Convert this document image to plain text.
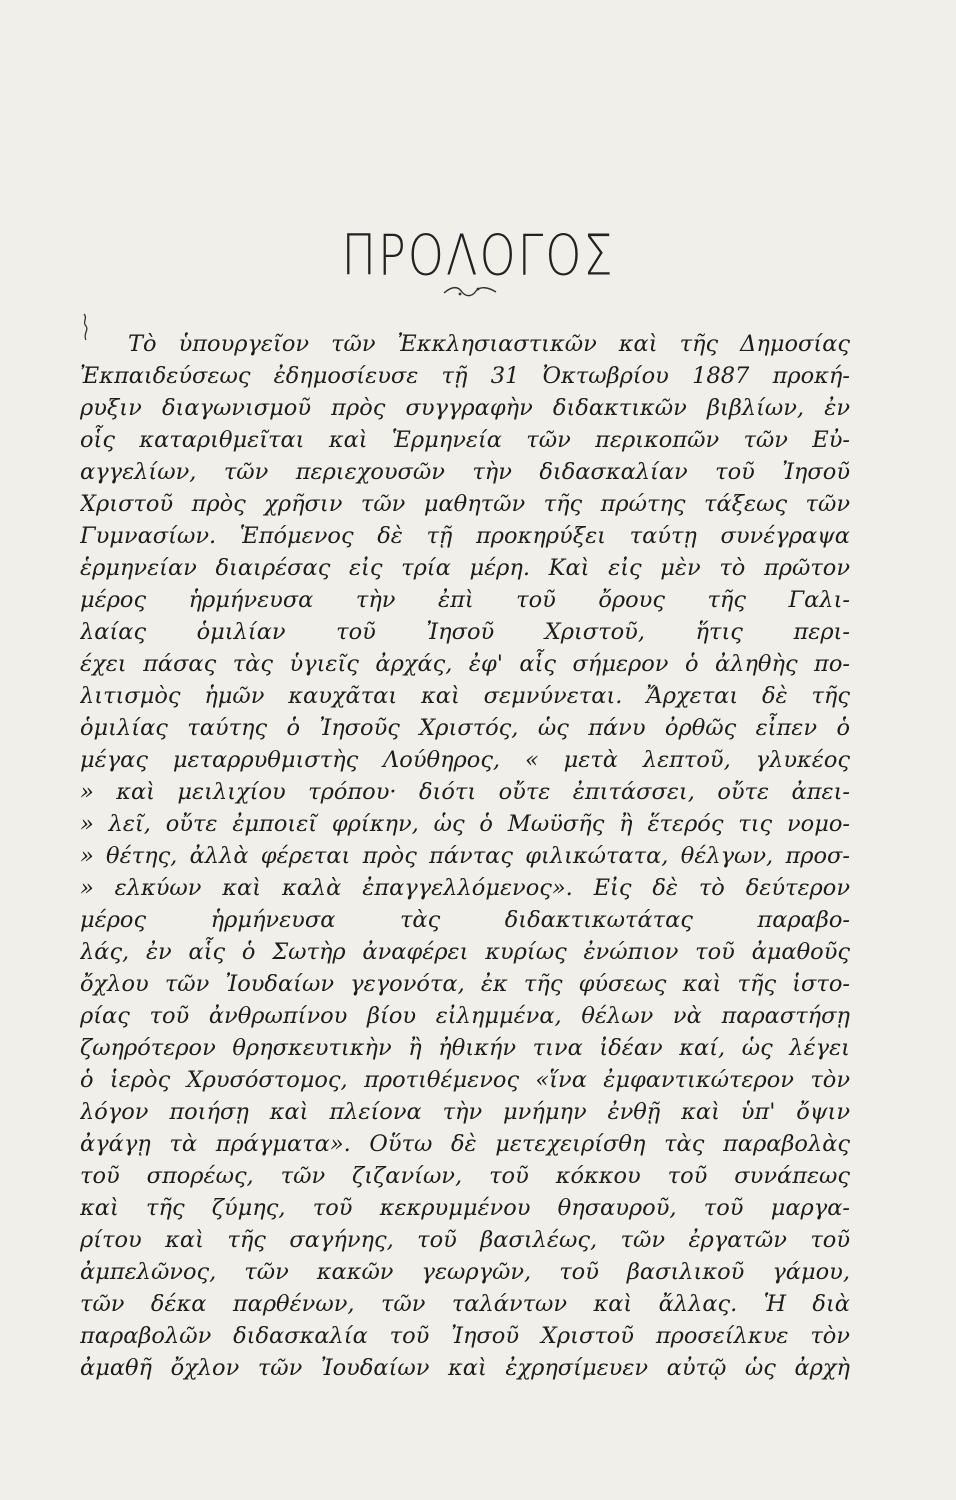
ΠΡΟΛΟΓΟΣ
Τὸ ὑπουργεῖον τῶν Ἐκκλησιαστικῶν καὶ τῆς Δημοσίας
Ἐκπαιδεύσεως ἐδημοσίευσε τῇ 31 Ὀκτωβρίου 1887 προκή-
ρυξιν διαγωνισμοῦ πρὸς συγγραφὴν διδακτικῶν βιβλίων, ἐν
οἷς καταριθμεῖται καὶ Ἑρμηνεία τῶν περικοπῶν τῶν Εὐ-
αγγελίων, τῶν περιεχουσῶν τὴν διδασκαλίαν τοῦ Ἰησοῦ
Χριστοῦ πρὸς χρῆσιν τῶν μαθητῶν τῆς πρώτης τάξεως τῶν
Γυμνασίων. Ἑπόμενος δὲ τῇ προκηρύξει ταύτῃ συνέγραψα
ἑρμηνείαν διαιρέσας εἰς τρία μέρη. Καὶ εἰς μὲν τὸ πρῶτον
μέρος ἡρμήνευσα τὴν ἐπὶ τοῦ ὄρους τῆς Γαλι-
λαίας ὁμιλίαν τοῦ Ἰησοῦ Χριστοῦ, ἥτις περι-
έχει πάσας τὰς ὑγιεῖς ἀρχάς, ἐφ' αἷς σήμερον ὁ ἀληθὴς πο-
λιτισμὸς ἡμῶν καυχᾶται καὶ σεμνύνεται. Ἄρχεται δὲ τῆς
ὁμιλίας ταύτης ὁ Ἰησοῦς Χριστός, ὡς πάνυ ὀρθῶς εἶπεν ὁ
μέγας μεταρρυθμιστὴς Λούθηρος, « μετὰ λεπτοῦ, γλυκέος
» καὶ μειλιχίου τρόπου· διότι οὔτε ἐπιτάσσει, οὔτε ἀπει-
» λεῖ, οὔτε ἐμποιεῖ φρίκην, ὡς ὁ Μωϋσῆς ἢ ἕτερός τις νομο-
» θέτης, ἀλλὰ φέρεται πρὸς πάντας φιλικώτατα, θέλγων, προσ-
» ελκύων καὶ καλὰ ἐπαγγελλόμενος». Εἰς δὲ τὸ δεύτερον
μέρος ἡρμήνευσα τὰς διδακτικωτάτας παραβο-
λάς, ἐν αἷς ὁ Σωτὴρ ἀναφέρει κυρίως ἐνώπιον τοῦ ἀμαθοῦς
ὄχλου τῶν Ἰουδαίων γεγονότα, ἐκ τῆς φύσεως καὶ τῆς ἱστο-
ρίας τοῦ ἀνθρωπίνου βίου εἰλημμένα, θέλων νὰ παραστήσῃ
ζωηρότερον θρησκευτικὴν ἢ ἠθικήν τινα ἰδέαν καί, ὡς λέγει
ὁ ἱερὸς Χρυσόστομος, προτιθέμενος «ἵνα ἐμφαντικώτερον τὸν
λόγον ποιήσῃ καὶ πλείονα τὴν μνήμην ἐνθῇ καὶ ὑπ' ὄψιν
ἀγάγῃ τὰ πράγματα». Οὕτω δὲ μετεχειρίσθη τὰς παραβολὰς
τοῦ σπορέως, τῶν ζιζανίων, τοῦ κόκκου τοῦ συνάπεως
καὶ τῆς ζύμης, τοῦ κεκρυμμένου θησαυροῦ, τοῦ μαργα-
ρίτου καὶ τῆς σαγήνης, τοῦ βασιλέως, τῶν ἐργατῶν τοῦ
ἀμπελῶνος, τῶν κακῶν γεωργῶν, τοῦ βασιλικοῦ γάμου,
τῶν δέκα παρθένων, τῶν ταλάντων καὶ ἄλλας. Ἡ διὰ
παραβολῶν διδασκαλία τοῦ Ἰησοῦ Χριστοῦ προσείλκυε τὸν
ἀμαθῆ ὄχλον τῶν Ἰουδαίων καὶ ἐχρησίμευεν αὐτῷ ὡς ἀρχὴ
